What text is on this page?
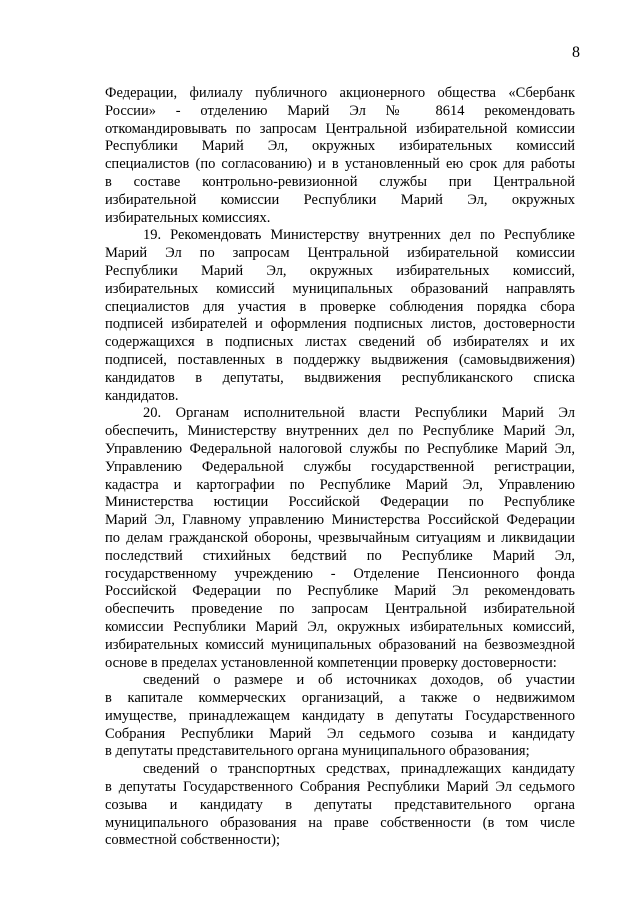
8
Федерации, филиалу публичного акционерного общества «Сбербанк
России» - отделению Марий Эл № 8614 рекомендовать
откомандировывать по запросам Центральной избирательной комиссии
Республики Марий Эл, окружных избирательных комиссий
специалистов (по согласованию) и в установленный ею срок для работы
в составе контрольно-ревизионной службы при Центральной
избирательной комиссии Республики Марий Эл, окружных
избирательных комиссиях.
19. Рекомендовать Министерству внутренних дел по Республике
Марий Эл по запросам Центральной избирательной комиссии
Республики Марий Эл, окружных избирательных комиссий,
избирательных комиссий муниципальных образований направлять
специалистов для участия в проверке соблюдения порядка сбора
подписей избирателей и оформления подписных листов, достоверности
содержащихся в подписных листах сведений об избирателях и их
подписей, поставленных в поддержку выдвижения (самовыдвижения)
кандидатов в депутаты, выдвижения республиканского списка
кандидатов.
20. Органам исполнительной власти Республики Марий Эл
обеспечить, Министерству внутренних дел по Республике Марий Эл,
Управлению Федеральной налоговой службы по Республике Марий Эл,
Управлению Федеральной службы государственной регистрации,
кадастра и картографии по Республике Марий Эл, Управлению
Министерства юстиции Российской Федерации по Республике
Марий Эл, Главному управлению Министерства Российской Федерации
по делам гражданской обороны, чрезвычайным ситуациям и ликвидации
последствий стихийных бедствий по Республике Марий Эл,
государственному учреждению - Отделение Пенсионного фонда
Российской Федерации по Республике Марий Эл рекомендовать
обеспечить проведение по запросам Центральной избирательной
комиссии Республики Марий Эл, окружных избирательных комиссий,
избирательных комиссий муниципальных образований на безвозмездной
основе в пределах установленной компетенции проверку достоверности:
сведений о размере и об источниках доходов, об участии
в капитале коммерческих организаций, а также о недвижимом
имуществе, принадлежащем кандидату в депутаты Государственного
Собрания Республики Марий Эл седьмого созыва и кандидату
в депутаты представительного органа муниципального образования;
сведений о транспортных средствах, принадлежащих кандидату
в депутаты Государственного Собрания Республики Марий Эл седьмого
созыва и кандидату в депутаты представительного органа
муниципального образования на праве собственности (в том числе
совместной собственности);
